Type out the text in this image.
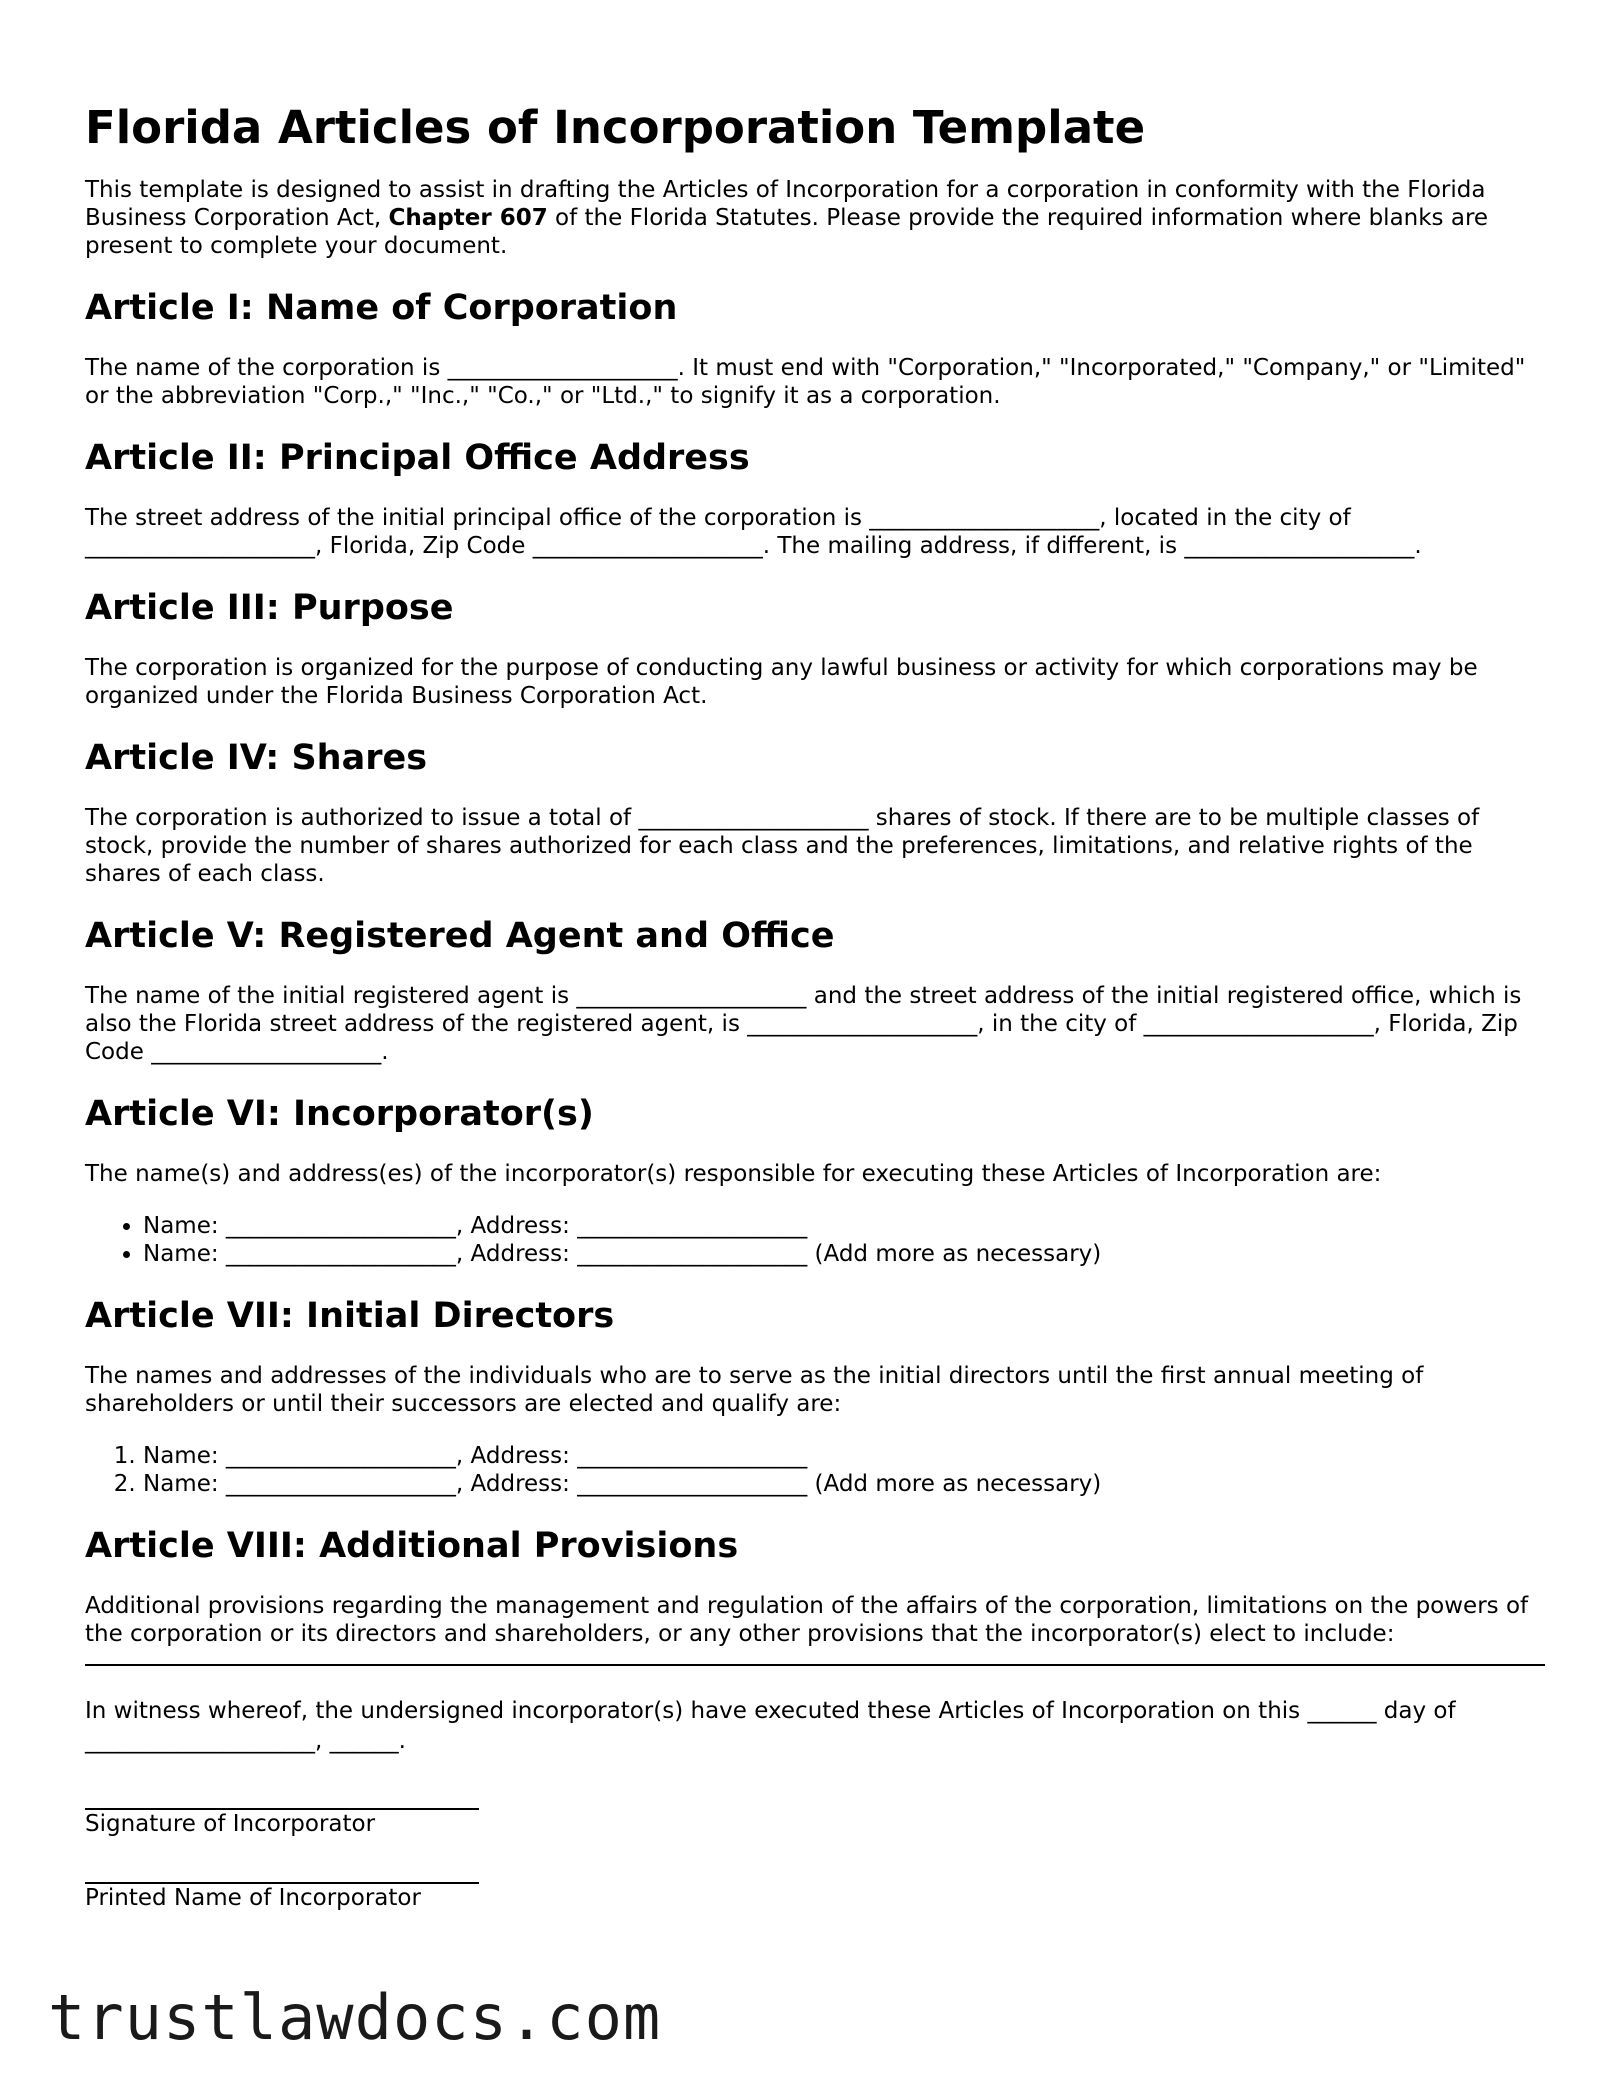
Florida Articles of Incorporation Template

This template is designed to assist in drafting the Articles of Incorporation for a corporation in conformity with the Florida Business Corporation Act, Chapter 607 of the Florida Statutes. Please provide the required information where blanks are present to complete your document.

Article I: Name of Corporation

The name of the corporation is ____________________. It must end with "Corporation," "Incorporated," "Company," or "Limited" or the abbreviation "Corp.," "Inc.," "Co.," or "Ltd.," to signify it as a corporation.

Article II: Principal Office Address

The street address of the initial principal office of the corporation is ____________________, located in the city of ____________________, Florida, Zip Code ____________________. The mailing address, if different, is ____________________.

Article III: Purpose

The corporation is organized for the purpose of conducting any lawful business or activity for which corporations may be organized under the Florida Business Corporation Act.

Article IV: Shares

The corporation is authorized to issue a total of ____________________ shares of stock. If there are to be multiple classes of stock, provide the number of shares authorized for each class and the preferences, limitations, and relative rights of the shares of each class.

Article V: Registered Agent and Office

The name of the initial registered agent is ____________________ and the street address of the initial registered office, which is also the Florida street address of the registered agent, is ____________________, in the city of ____________________, Florida, Zip Code ____________________.

Article VI: Incorporator(s)

The name(s) and address(es) of the incorporator(s) responsible for executing these Articles of Incorporation are:

• Name: ____________________, Address: ____________________
• Name: ____________________, Address: ____________________ (Add more as necessary)
Article VII: Initial Directors

The names and addresses of the individuals who are to serve as the initial directors until the first annual meeting of shareholders or until their successors are elected and qualify are:

1. Name: ____________________, Address: ____________________
2. Name: ____________________, Address: ____________________ (Add more as necessary)
Article VIII: Additional Provisions

Additional provisions regarding the management and regulation of the affairs of the corporation, limitations on the powers of the corporation or its directors and shareholders, or any other provisions that the incorporator(s) elect to include:

In witness whereof, the undersigned incorporator(s) have executed these Articles of Incorporation on this ______ day of ____________________, ______.

Signature of Incorporator
Printed Name of Incorporator
trustlawdocs.com
